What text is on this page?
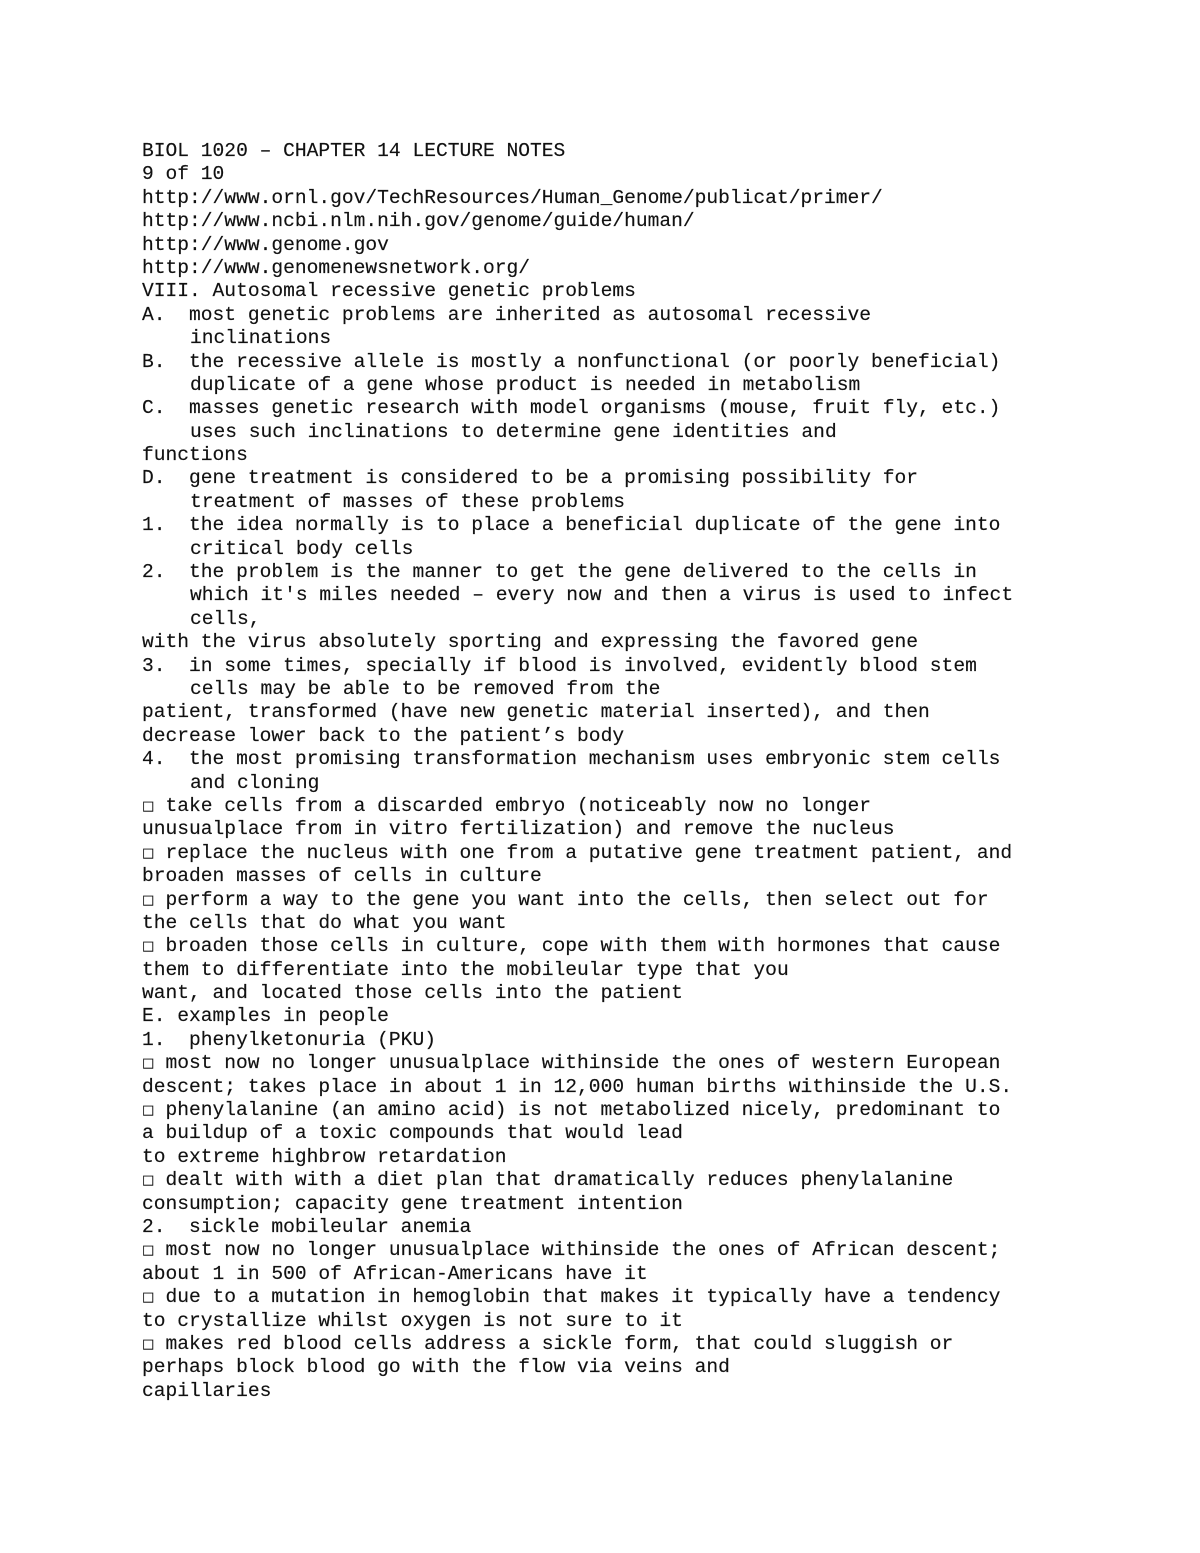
BIOL 1020 – CHAPTER 14 LECTURE NOTES
9 of 10
http://www.ornl.gov/TechResources/Human_Genome/publicat/primer/
http://www.ncbi.nlm.nih.gov/genome/guide/human/
http://www.genome.gov
http://www.genomenewsnetwork.org/
VIII. Autosomal recessive genetic problems
A.  most genetic problems are inherited as autosomal recessive
inclinations
B.  the recessive allele is mostly a nonfunctional (or poorly beneficial)
duplicate of a gene whose product is needed in metabolism
C.  masses genetic research with model organisms (mouse, fruit fly, etc.)
uses such inclinations to determine gene identities and
functions
D.  gene treatment is considered to be a promising possibility for
treatment of masses of these problems
1.  the idea normally is to place a beneficial duplicate of the gene into
critical body cells
2.  the problem is the manner to get the gene delivered to the cells in
which it's miles needed – every now and then a virus is used to infect
cells,
with the virus absolutely sporting and expressing the favored gene
3.  in some times, specially if blood is involved, evidently blood stem
cells may be able to be removed from the
patient, transformed (have new genetic material inserted), and then
decrease lower back to the patient’s body
4.  the most promising transformation mechanism uses embryonic stem cells
and cloning
□ take cells from a discarded embryo (noticeably now no longer
unusualplace from in vitro fertilization) and remove the nucleus
□ replace the nucleus with one from a putative gene treatment patient, and
broaden masses of cells in culture
□ perform a way to the gene you want into the cells, then select out for
the cells that do what you want
□ broaden those cells in culture, cope with them with hormones that cause
them to differentiate into the mobileular type that you
want, and located those cells into the patient
E. examples in people
1.  phenylketonuria (PKU)
□ most now no longer unusualplace withinside the ones of western European
descent; takes place in about 1 in 12,000 human births withinside the U.S.
□ phenylalanine (an amino acid) is not metabolized nicely, predominant to
a buildup of a toxic compounds that would lead
to extreme highbrow retardation
□ dealt with with a diet plan that dramatically reduces phenylalanine
consumption; capacity gene treatment intention
2.  sickle mobileular anemia
□ most now no longer unusualplace withinside the ones of African descent;
about 1 in 500 of African-Americans have it
□ due to a mutation in hemoglobin that makes it typically have a tendency
to crystallize whilst oxygen is not sure to it
□ makes red blood cells address a sickle form, that could sluggish or
perhaps block blood go with the flow via veins and
capillaries
